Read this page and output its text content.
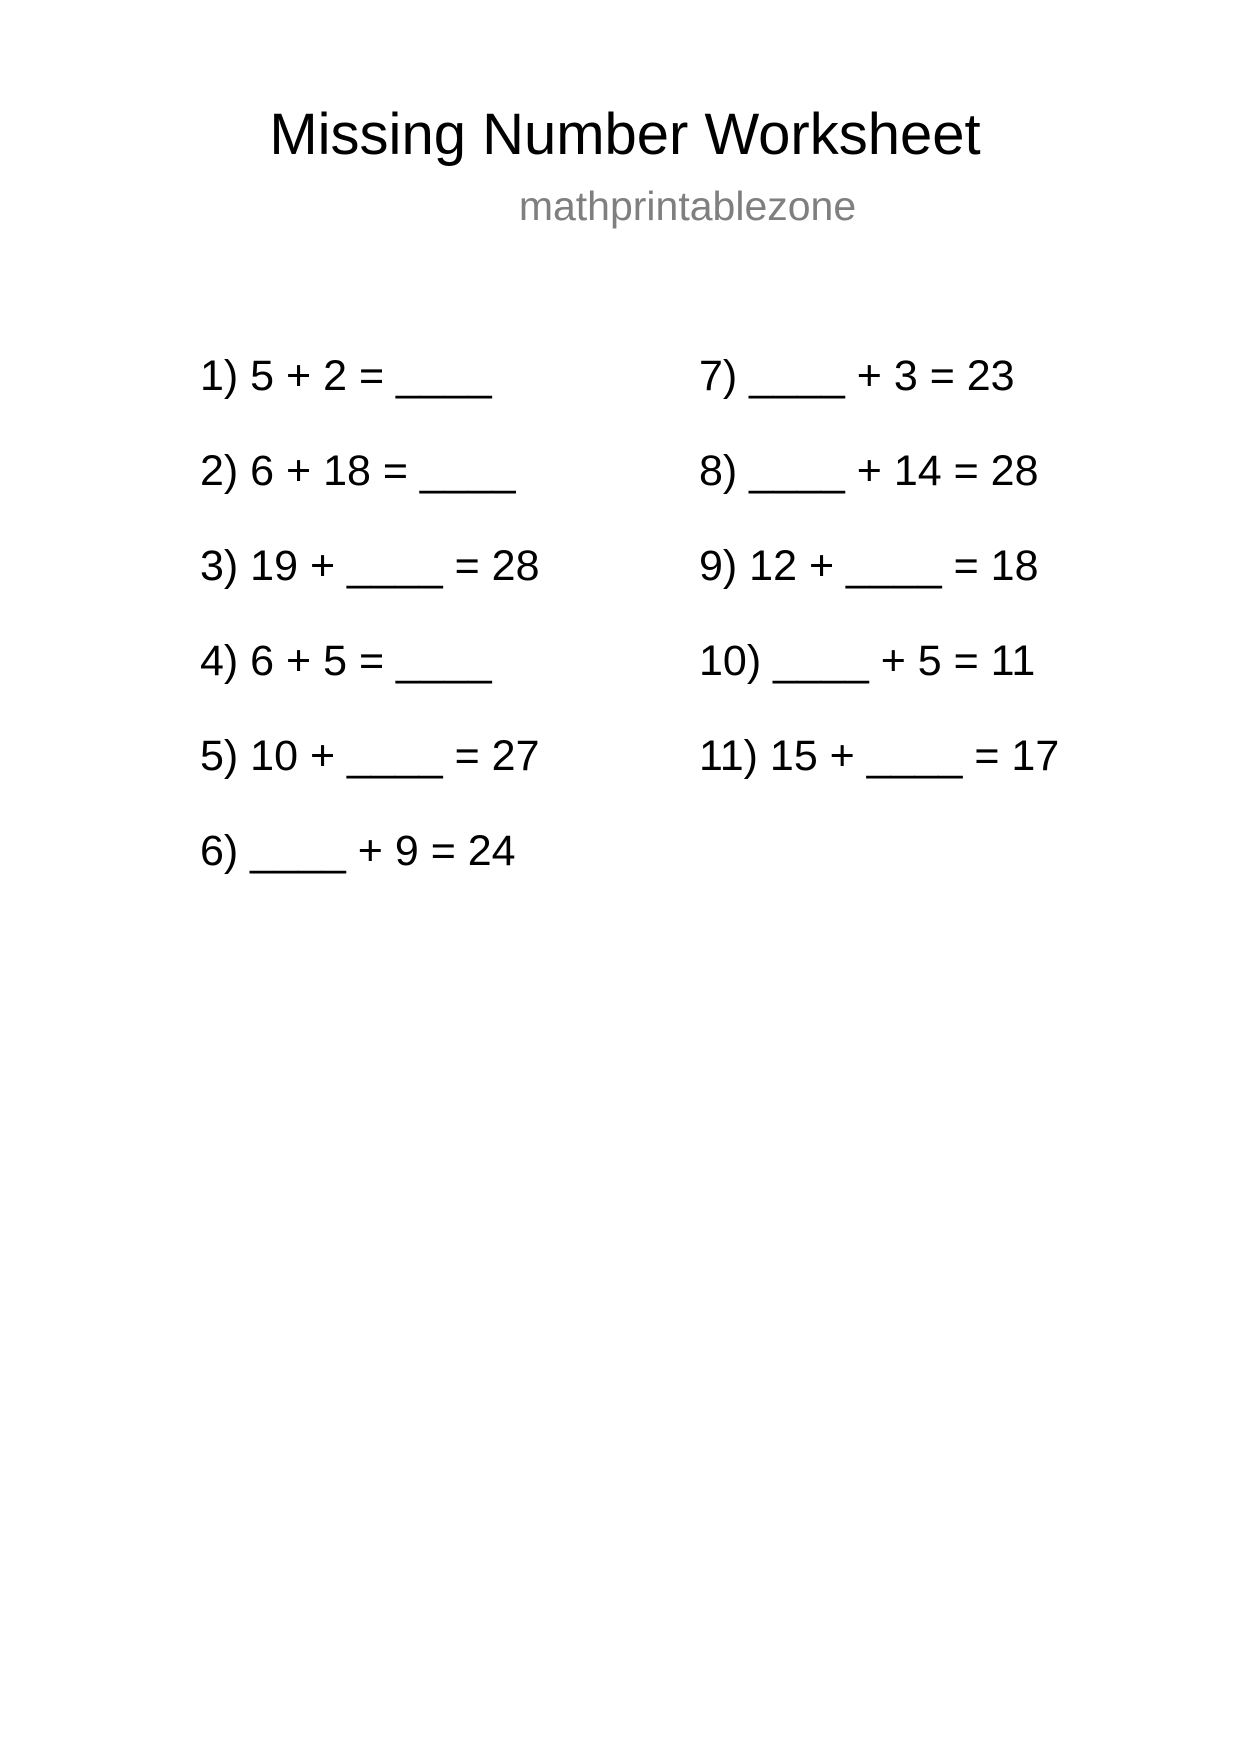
Missing Number Worksheet
mathprintablezone
1) 5 + 2 = ____
2) 6 + 18 = ____
3) 19 + ____ = 28
4) 6 + 5 = ____
5) 10 + ____ = 27
6) ____ + 9 = 24
7) ____ + 3 = 23
8) ____ + 14 = 28
9) 12 + ____ = 18
10) ____ + 5 = 11
11) 15 + ____ = 17
